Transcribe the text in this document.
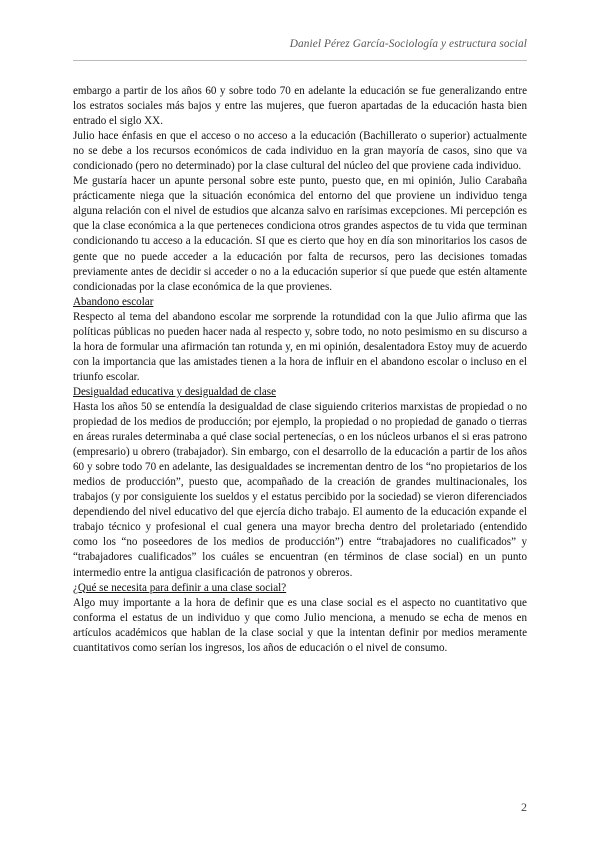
Daniel Pérez García-Sociología y estructura social

embargo a partir de los años 60 y sobre todo 70 en adelante la educación se fue generalizando entre los estratos sociales más bajos y entre las mujeres, que fueron apartadas de la educación hasta bien entrado el siglo XX.

Julio hace énfasis en que el acceso o no acceso a la educación (Bachillerato o superior) actualmente no se debe a los recursos económicos de cada individuo en la gran mayoría de casos, sino que va condicionado (pero no determinado) por la clase cultural del núcleo del que proviene cada individuo.

Me gustaría hacer un apunte personal sobre este punto, puesto que, en mi opinión, Julio Carabaña prácticamente niega que la situación económica del entorno del que proviene un individuo tenga alguna relación con el nivel de estudios que alcanza salvo en rarísimas excepciones. Mi percepción es que la clase económica a la que perteneces condiciona otros grandes aspectos de tu vida que terminan condicionando tu acceso a la educación. SI que es cierto que hoy en día son minoritarios los casos de gente que no puede acceder a la educación por falta de recursos, pero las decisiones tomadas previamente antes de decidir si acceder o no a la educación superior sí que puede que estén altamente condicionadas por la clase económica de la que provienes.

Abandono escolar

Respecto al tema del abandono escolar me sorprende la rotundidad con la que Julio afirma que las políticas públicas no pueden hacer nada al respecto y, sobre todo, no noto pesimismo en su discurso a la hora de formular una afirmación tan rotunda y, en mi opinión, desalentadora Estoy muy de acuerdo con la importancia que las amistades tienen a la hora de influir en el abandono escolar o incluso en el triunfo escolar.

Desigualdad educativa y desigualdad de clase

Hasta los años 50 se entendía la desigualdad de clase siguiendo criterios marxistas de propiedad o no propiedad de los medios de producción; por ejemplo, la propiedad o no propiedad de ganado o tierras en áreas rurales determinaba a qué clase social pertenecías, o en los núcleos urbanos el si eras patrono (empresario) u obrero (trabajador). Sin embargo, con el desarrollo de la educación a partir de los años 60 y sobre todo 70 en adelante, las desigualdades se incrementan dentro de los “no propietarios de los medios de producción”, puesto que, acompañado de la creación de grandes multinacionales, los trabajos (y por consiguiente los sueldos y el estatus percibido por la sociedad) se vieron diferenciados dependiendo del nivel educativo del que ejercía dicho trabajo. El aumento de la educación expande el trabajo técnico y profesional el cual genera una mayor brecha dentro del proletariado (entendido como los “no poseedores de los medios de producción”) entre “trabajadores no cualificados” y “trabajadores cualificados” los cuáles se encuentran (en términos de clase social) en un punto intermedio entre la antigua clasificación de patronos y obreros.

¿Qué se necesita para definir a una clase social?

Algo muy importante a la hora de definir que es una clase social es el aspecto no cuantitativo que conforma el estatus de un individuo y que como Julio menciona, a menudo se echa de menos en artículos académicos que hablan de la clase social y que la intentan definir por medios meramente cuantitativos como serían los ingresos, los años de educación o el nivel de consumo.

2
